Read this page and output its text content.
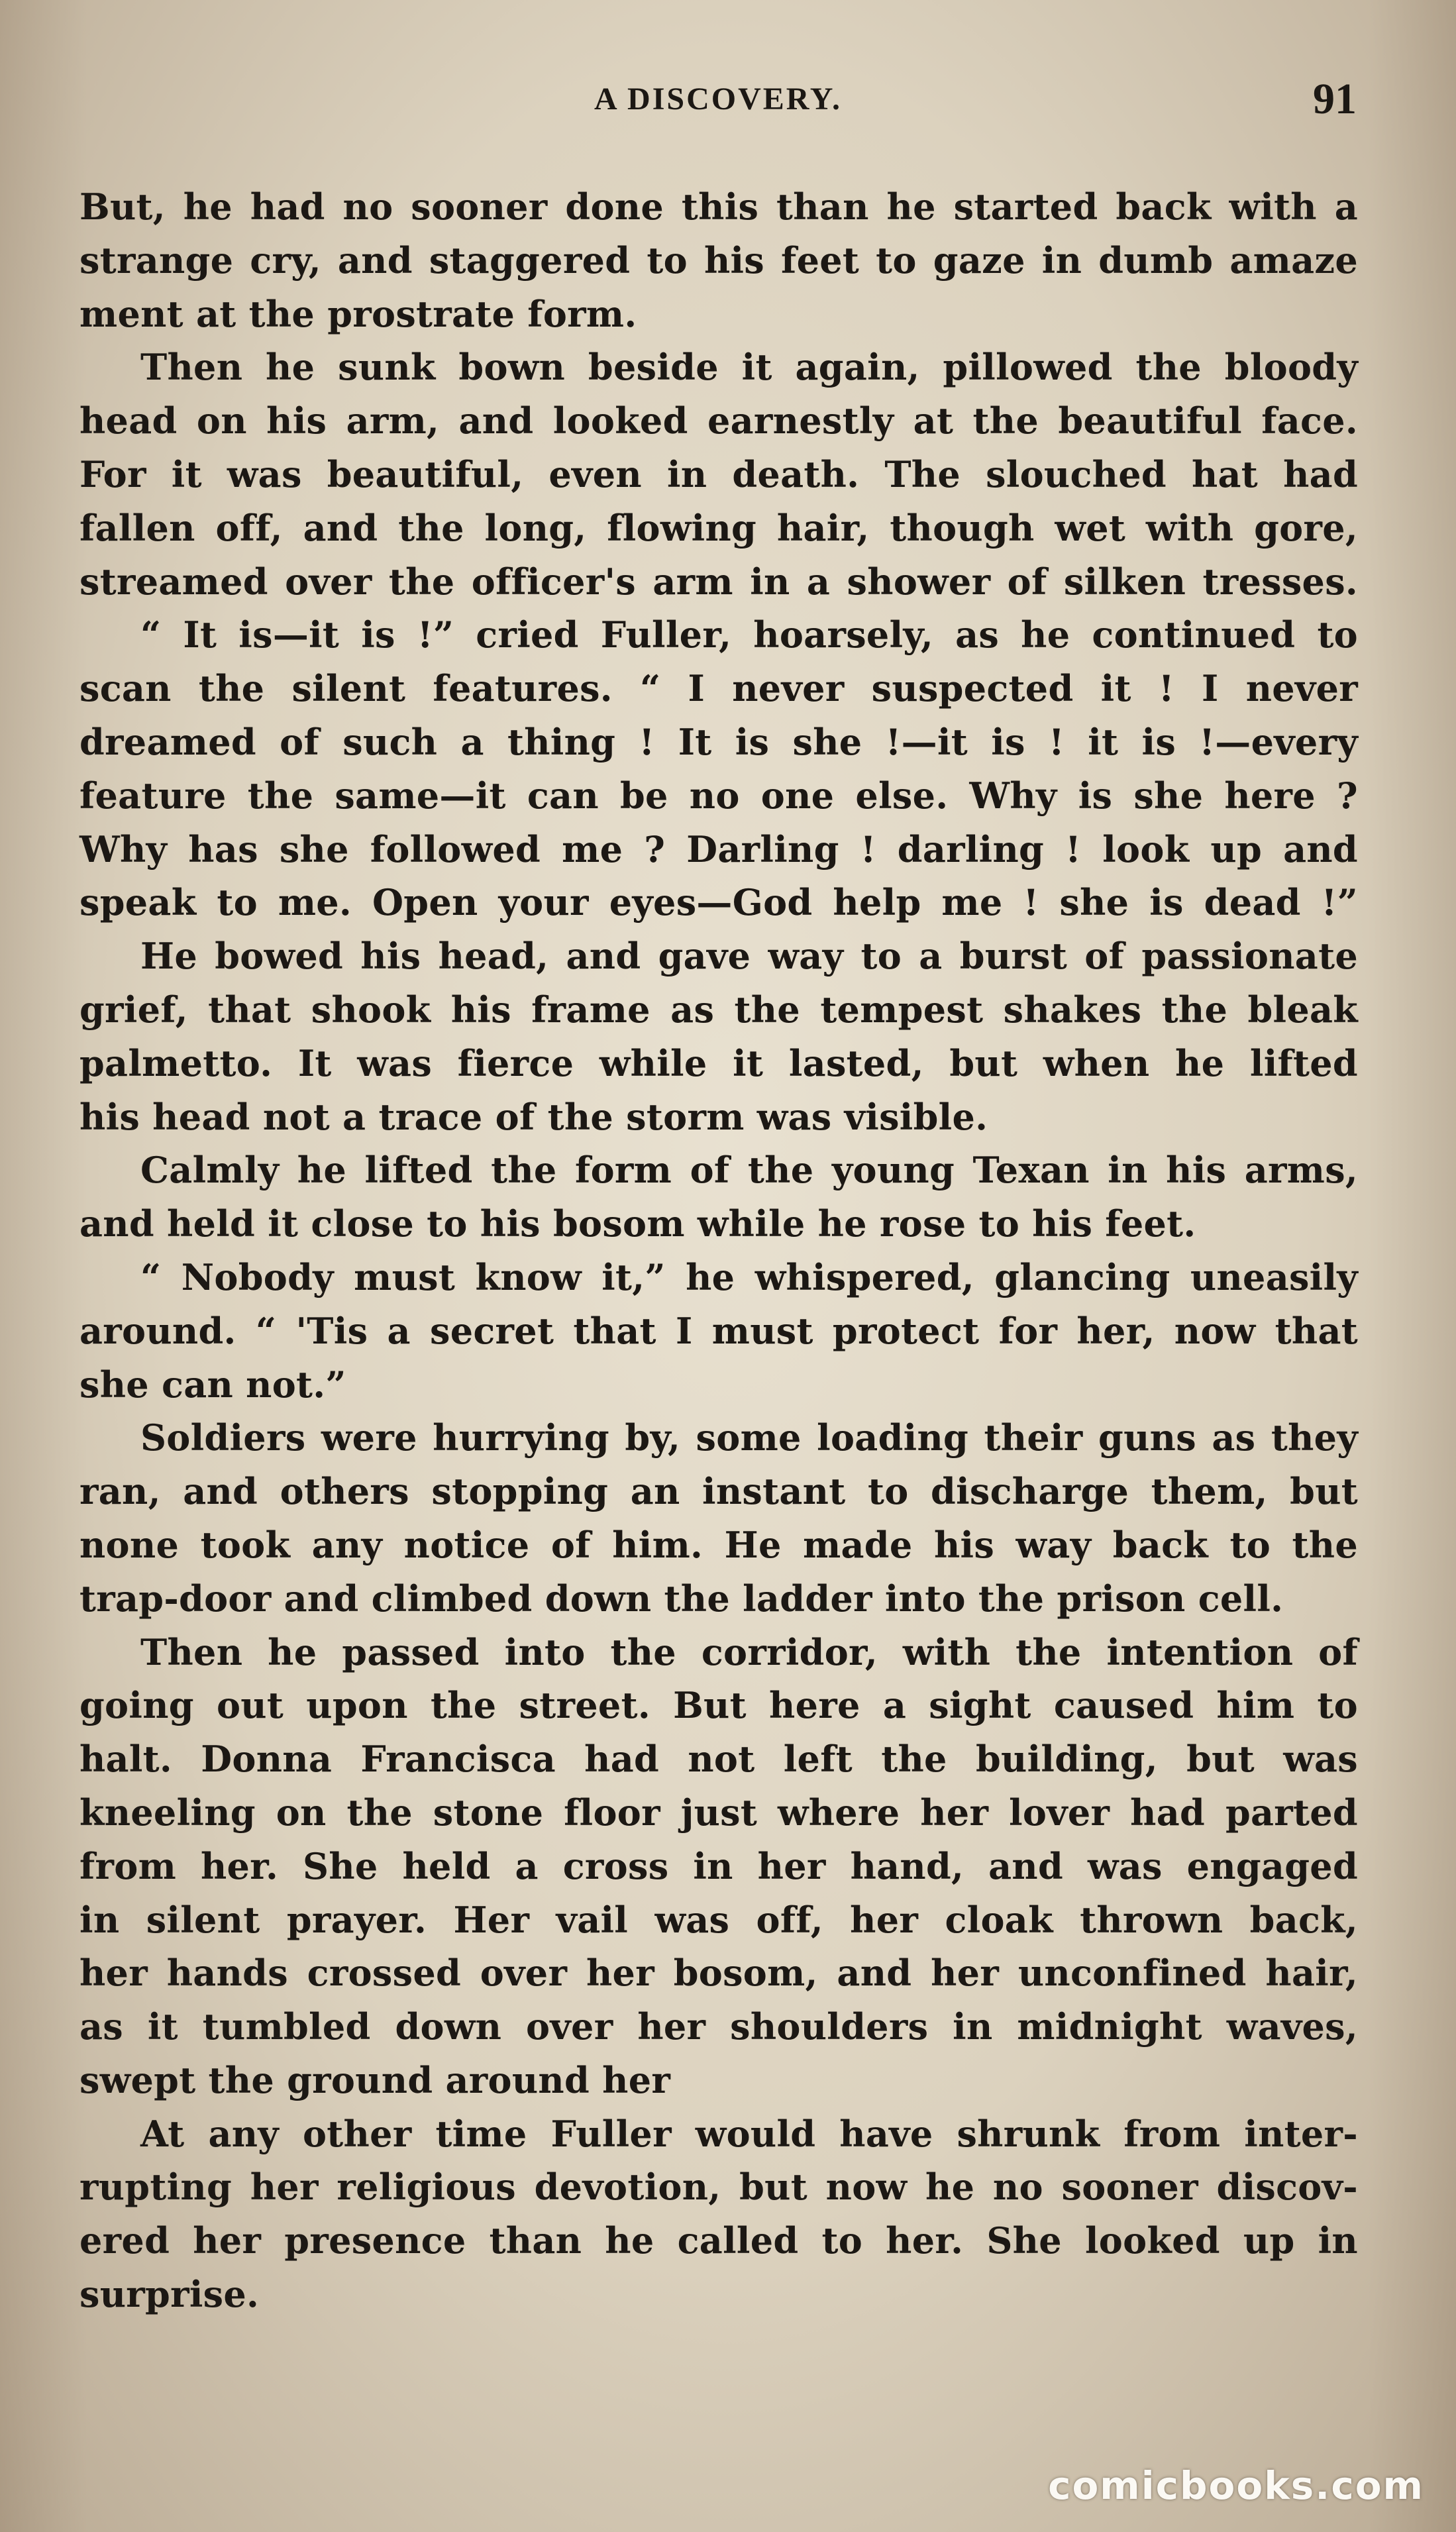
A DISCOVERY.	91
But, he had no sooner done this than he started back with a
strange cry, and staggered to his feet to gaze in dumb amaze
ment at the prostrate form.
Then he sunk bown beside it again, pillowed the bloody
head on his arm, and looked earnestly at the beautiful face.
For it was beautiful, even in death. The slouched hat had
fallen off, and the long, flowing hair, though wet with gore,
streamed over the officer's arm in a shower of silken tresses.
“ It is—it is !” cried Fuller, hoarsely, as he continued to
scan the silent features. “ I never suspected it ! I never
dreamed of such a thing ! It is she !—it is ! it is !—every
feature the same—it can be no one else. Why is she here ?
Why has she followed me ? Darling ! darling ! look up and
speak to me. Open your eyes—God help me ! she is dead !”
He bowed his head, and gave way to a burst of passionate
grief, that shook his frame as the tempest shakes the bleak
palmetto. It was fierce while it lasted, but when he lifted
his head not a trace of the storm was visible.
Calmly he lifted the form of the young Texan in his arms,
and held it close to his bosom while he rose to his feet.
“ Nobody must know it,” he whispered, glancing uneasily
around. “ 'Tis a secret that I must protect for her, now that
she can not.”
Soldiers were hurrying by, some loading their guns as they
ran, and others stopping an instant to discharge them, but
none took any notice of him. He made his way back to the
trap-door and climbed down the ladder into the prison cell.
Then he passed into the corridor, with the intention of
going out upon the street. But here a sight caused him to
halt. Donna Francisca had not left the building, but was
kneeling on the stone floor just where her lover had parted
from her. She held a cross in her hand, and was engaged
in silent prayer. Her vail was off, her cloak thrown back,
her hands crossed over her bosom, and her unconfined hair,
as it tumbled down over her shoulders in midnight waves,
swept the ground around her
At any other time Fuller would have shrunk from inter-
rupting her religious devotion, but now he no sooner discov-
ered her presence than he called to her. She looked up in
surprise.
comicbooks.com
